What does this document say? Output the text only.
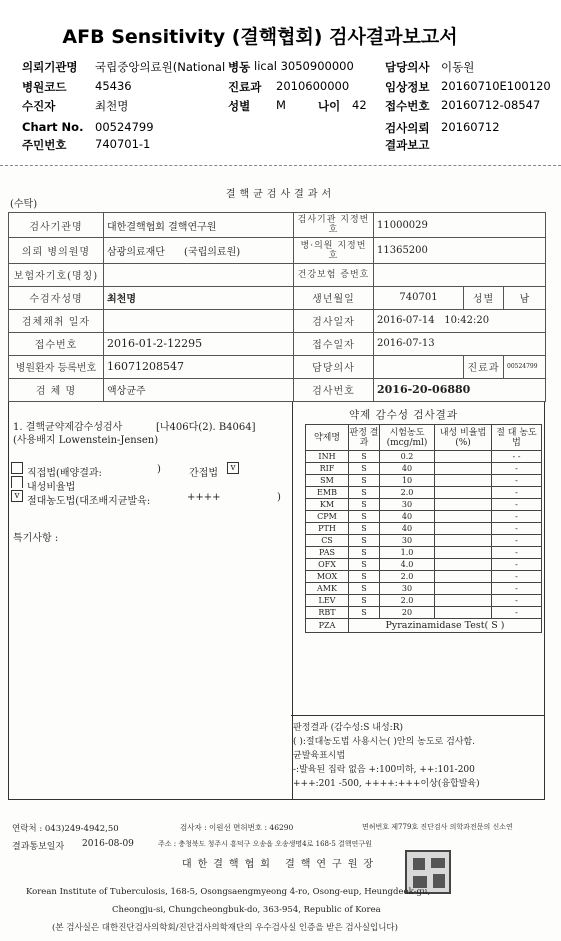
AFB Sensitivity (결핵협회) 검사결과보고서
의뢰기관명 국립중앙의료원(National 병동 lical 3050900000	담당의사 이동원
병원코드 45436	진료과 2010600000	임상정보 20160710E100120
수진자	최천명	성별 M	나이 42 접수번호 20160712-08547
Chart No. 00524799	검사의뢰 20160712
주민번호 740701-1	결과보고
(수탁)
결핵균검사결과서
검사기관명	대한결핵협회 결핵연구원	검사기관 지정번호	11000029		
의뢰 병의원명	삼광의료재단 (국립의료원)	병·의원 지정번호	11365200		
보험자기호(명칭)		건강보험 증번호			
수검자성명	최천명	생년월일	740701	성별	남
검체채취 일자		검사일자	2016-07-14 10:42:20		
접수번호	2016-01-2-12295	접수일자	2016-07-13		
병원환자 등록번호	16071208547	담당의사		진료과	00524799
검 체 명	액상균주	검사번호	2016-20-06880		
1. 결핵균약제감수성검사	[나406다(2). B4064]
(사용배지 Lowenstein-Jensen)
직접법(배양결과:	)	간접법	v
내성비율법
v 절대농도법(대조배지균발육:	++++	)
특기사항 :
약제 감수성 검사결과
약제명	판정 결과	시험농도 (mcg/ml)	내성 비율법(%)	절 대 농도법
INH	S	0.2		- -
RIF	S	40		-
SM	S	10		-
EMB	S	2.0		-
KM	S	30		-
CPM	S	40		-
PTH	S	40		-
CS	S	30		-
PAS	S	1.0		-
OFX	S	4.0		-
MOX	S	2.0		-
AMK	S	30		-
LEV	S	2.0		-
RBT	S	20		-
PZA	Pyrazinamidase Test( S )			
판정결과 (감수성:S 내성:R)
( ):절대농도법 사용시는( )안의 농도로 검사함.
균발육표시법
-:발육된 집락 없음 +:100미하, ++:101-200
+++:201 -500, ++++:+++이상(융합발육)
연락처 : 043)249-4942,50	검사자 : 이원선 면허번호 : 46290	면허번호 제779호 진단검사 의학과전문의 신소연
결과통보일자 2016-08-09	주소 : 충청북도 청주시 흥덕구 오송읍 오송생명4로 168-5 결핵연구원
대한결핵협회 결핵연구원장
Korean Institute of Tuberculosis, 168-5, Osongsaengmyeong 4-ro, Osong-eup, Heungdeok-gu,
Cheongju-si, Chungcheongbuk-do, 363-954, Republic of Korea
(본 검사실은 대한진단검사의학회/진단검사의학재단의 우수검사실 인증을 받은 검사실입니다)
